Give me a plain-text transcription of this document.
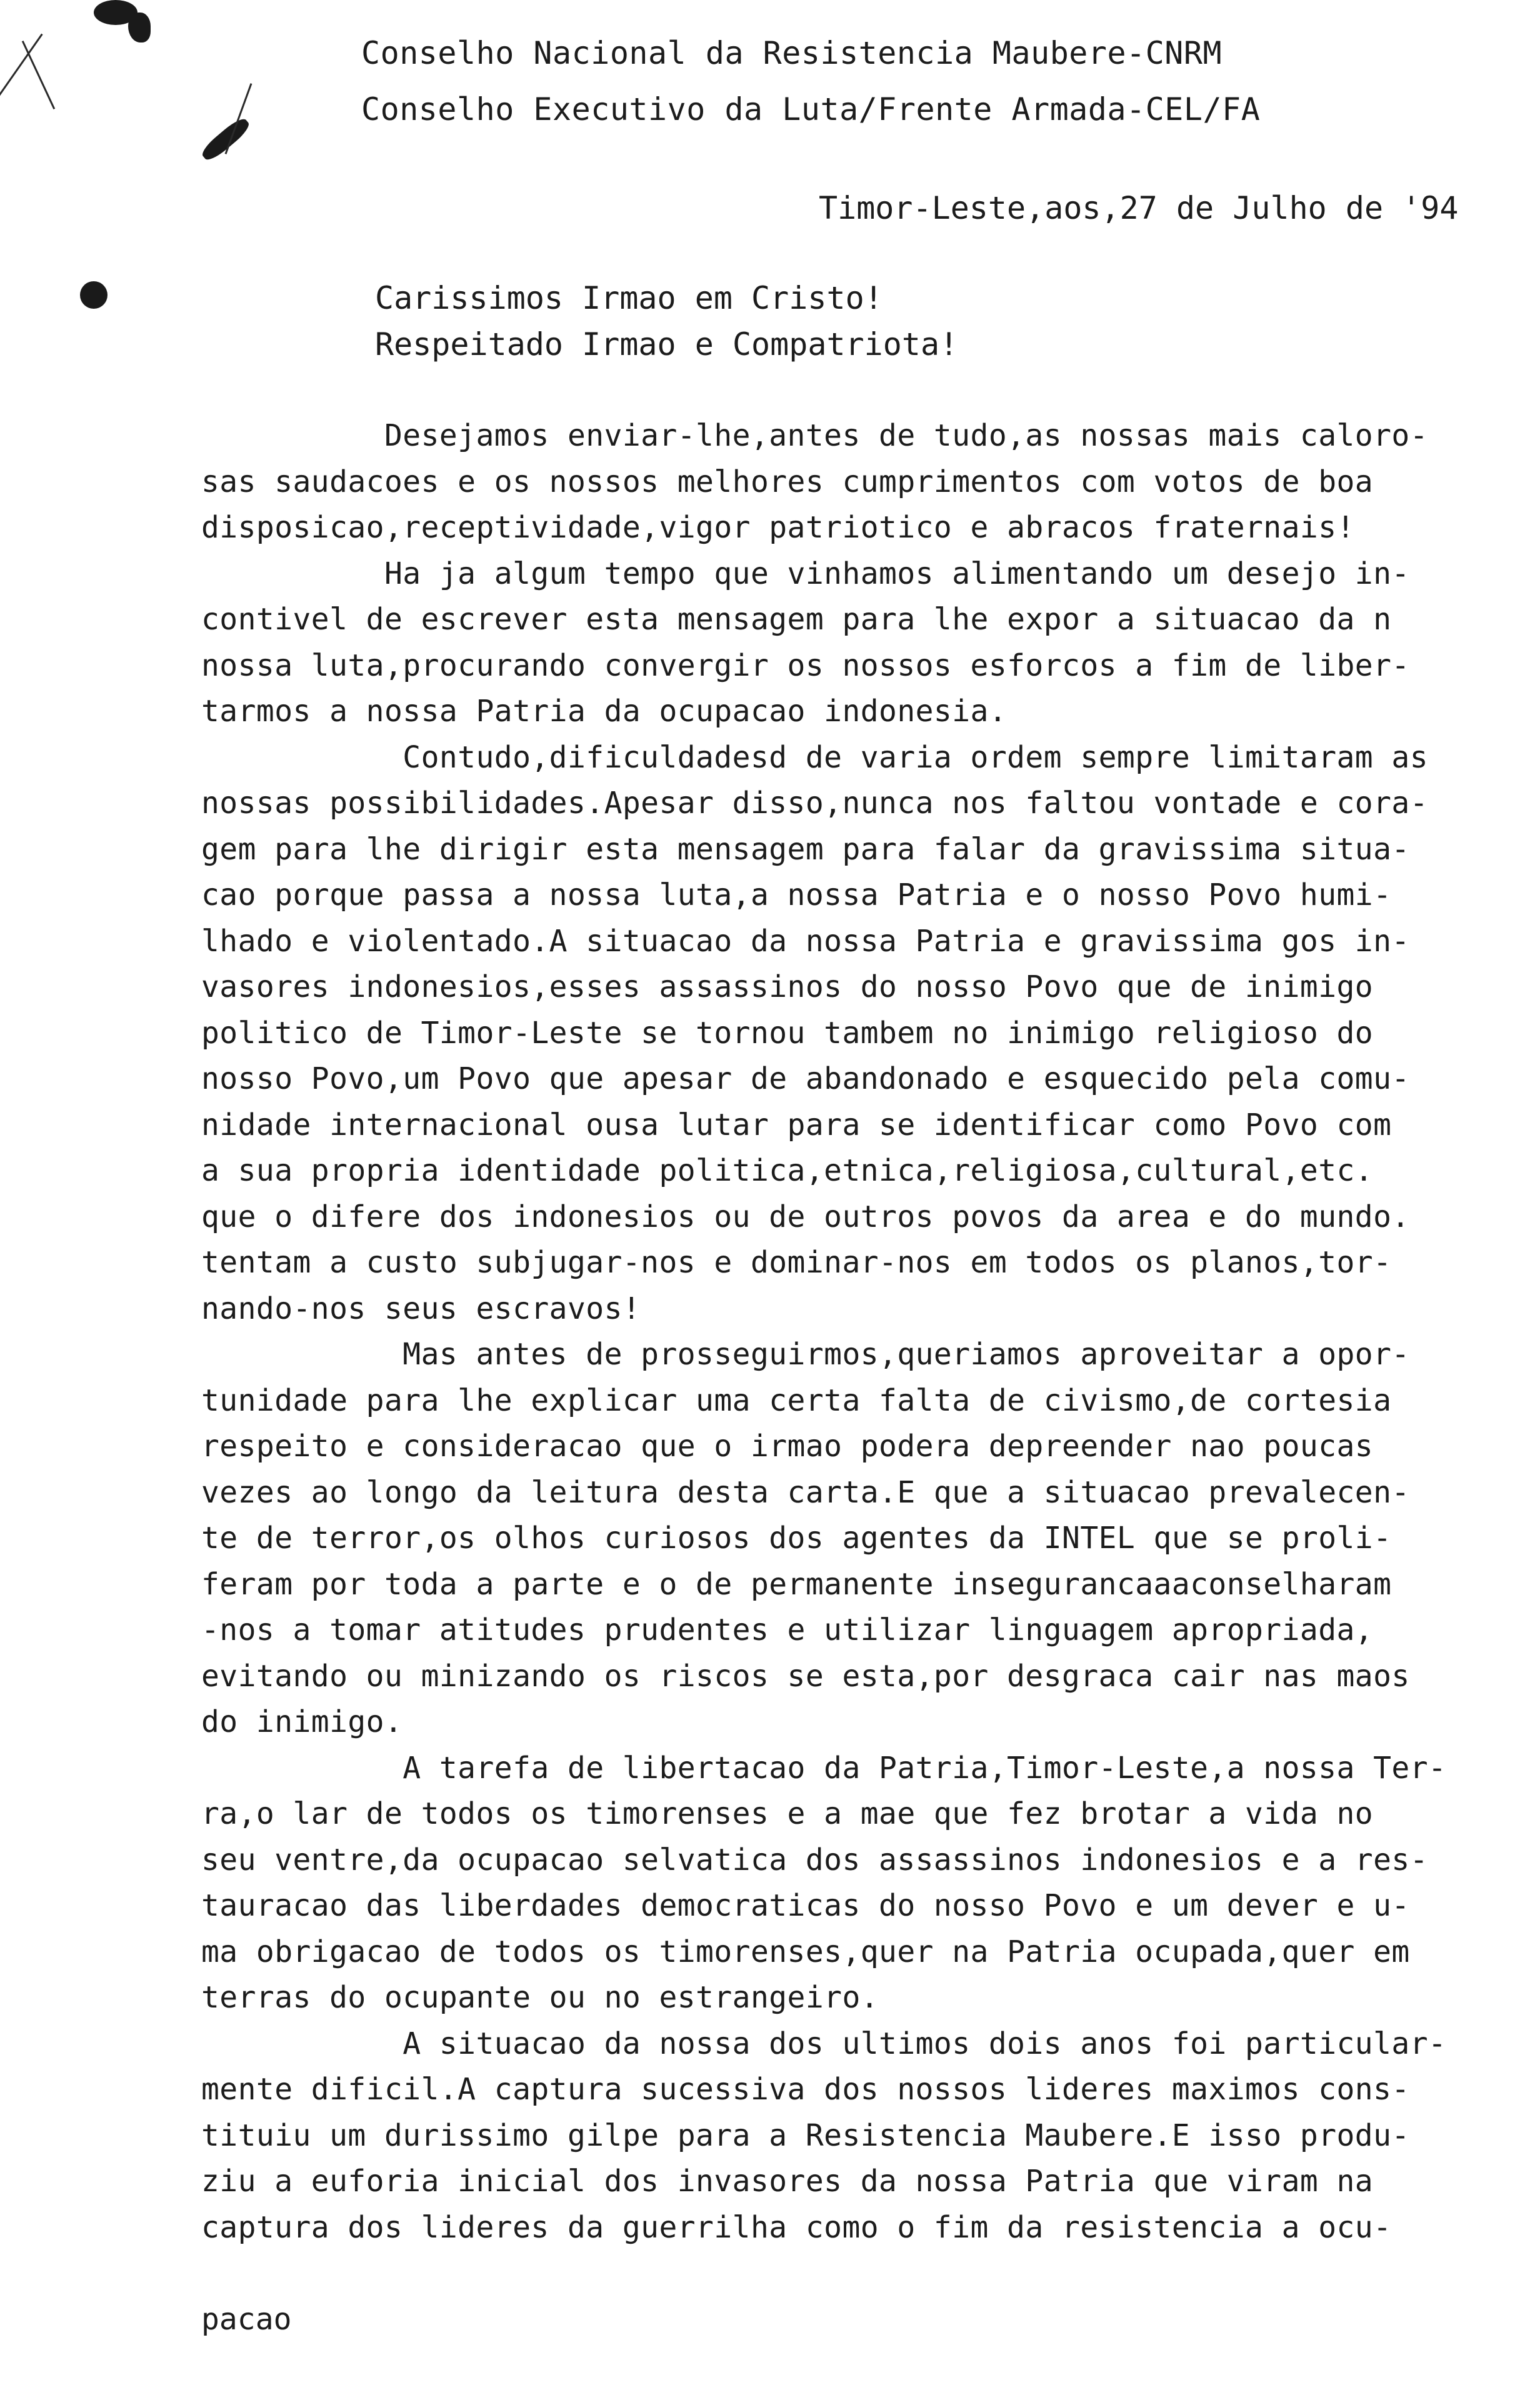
Conselho Nacional da Resistencia Maubere-CNRM
Conselho Executivo da Luta/Frente Armada-CEL/FA
Timor-Leste,aos,27 de Julho de '94
Carissimos Irmao em Cristo!
Respeitado Irmao e Compatriota!
Desejamos enviar-lhe,antes de tudo,as nossas mais caloro-
sas saudacoes e os nossos melhores cumprimentos com votos de boa
disposicao,receptividade,vigor patriotico e abracos fraternais!
Ha ja algum tempo que vinhamos alimentando um desejo in-
contivel de escrever esta mensagem para lhe expor a situacao da n
nossa luta,procurando convergir os nossos esforcos a fim de liber-
tarmos a nossa Patria da ocupacao indonesia.
Contudo,dificuldadesd de varia ordem sempre limitaram as
nossas possibilidades.Apesar disso,nunca nos faltou vontade e cora-
gem para lhe dirigir esta mensagem para falar da gravissima situa-
cao porque passa a nossa luta,a nossa Patria e o nosso Povo humi-
lhado e violentado.A situacao da nossa Patria e gravissima gos in-
vasores indonesios,esses assassinos do nosso Povo que de inimigo
politico de Timor-Leste se tornou tambem no inimigo religioso do
nosso Povo,um Povo que apesar de abandonado e esquecido pela comu-
nidade internacional ousa lutar para se identificar como Povo com
a sua propria identidade politica,etnica,religiosa,cultural,etc.
que o difere dos indonesios ou de outros povos da area e do mundo.
tentam a custo subjugar-nos e dominar-nos em todos os planos,tor-
nando-nos seus escravos!
Mas antes de prosseguirmos,queriamos aproveitar a opor-
tunidade para lhe explicar uma certa falta de civismo,de cortesia
respeito e consideracao que o irmao podera depreender nao poucas
vezes ao longo da leitura desta carta.E que a situacao prevalecen-
te de terror,os olhos curiosos dos agentes da INTEL que se proli-
feram por toda a parte e o de permanente insegurancaaaconselharam
-nos a tomar atitudes prudentes e utilizar linguagem apropriada,
evitando ou minizando os riscos se esta,por desgraca cair nas maos
do inimigo.
A tarefa de libertacao da Patria,Timor-Leste,a nossa Ter-
ra,o lar de todos os timorenses e a mae que fez brotar a vida no
seu ventre,da ocupacao selvatica dos assassinos indonesios e a res-
tauracao das liberdades democraticas do nosso Povo e um dever e u-
ma obrigacao de todos os timorenses,quer na Patria ocupada,quer em
terras do ocupante ou no estrangeiro.
A situacao da nossa dos ultimos dois anos foi particular-
mente dificil.A captura sucessiva dos nossos lideres maximos cons-
tituiu um durissimo gilpe para a Resistencia Maubere.E isso produ-
ziu a euforia inicial dos invasores da nossa Patria que viram na
captura dos lideres da guerrilha como o fim da resistencia a ocu-
pacao
